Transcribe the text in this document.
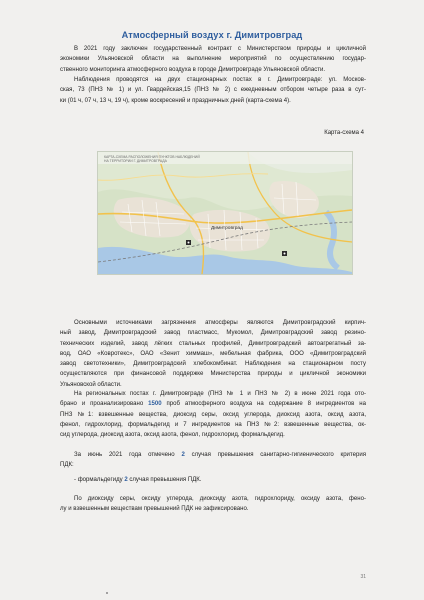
Атмосферный воздух г. Димитровград
В 2021 году заключен государственный контракт с Министерством природы и цикличной
экономики Ульяновской области на выполнение мероприятий по осуществлению государ-
ственного мониторинга атмосферного воздуха в городе Димитровграде Ульяновской области.
Наблюдения проводятся на двух стационарных постах в г. Димитровграде: ул. Москов-
ская, 73 (ПНЗ № 1) и ул. Гвардейская,15 (ПНЗ № 2) с ежедневным отбором четыре раза в сут-
ки (01 ч, 07 ч, 13 ч, 19 ч), кроме воскресений и праздничных дней (карта-схема 4).
Карта-схема 4
КАРТА-СХЕМА РАСПОЛОЖЕНИЯ ПУНКТОВ НАБЛЮДЕНИЙ
НА ТЕРРИТОРИИ Г. ДИМИТРОВГРАДА
Димитровград
Основными источниками загрязнения атмосферы являются Димитровградский кирпич-
ный завод, Димитровградский завод пластмасс, Мукомол, Димитровградский завод резино-
технических изделий, завод лёгких стальных профилей, Димитровградский автоагрегатный за-
вод, ОАО «Ковротекс», ОАО «Зенит химмаш», мебельная фабрика, ООО «Димитровградский
завод светотехники», Димитровградский хлебокомбинат. Наблюдения на стационарном посту
осуществляются при финансовой поддержке Министерства природы и цикличной экономики
Ульяновской области.
На региональных постах г. Димитровграде (ПНЗ № 1 и ПНЗ № 2) в июне 2021 года ото-
брано и проанализировано 1500 проб атмосферного воздуха на содержание 8 ингредиентов на
ПНЗ №1: взвешенные вещества, диоксид серы, оксид углерода, диоксид азота, оксид азота,
фенол, гидрохлорид, формальдегид и 7 ингредиентов на ПНЗ №2: взвешенные вещества, ок-
сид углерода, диоксид азота, оксид азота, фенол, гидрохлорид, формальдегид.
За июнь 2021 года отмечено 2 случая превышения санитарно-гигиенического критерия
ПДК:
- формальдегиду 2 случая превышения ПДК.
По диоксиду серы, оксиду углерода, диоксиду азота, гидрохлориду, оксиду азота, фено-
лу и взвешенным веществам превышений ПДК не зафиксировано.
31
